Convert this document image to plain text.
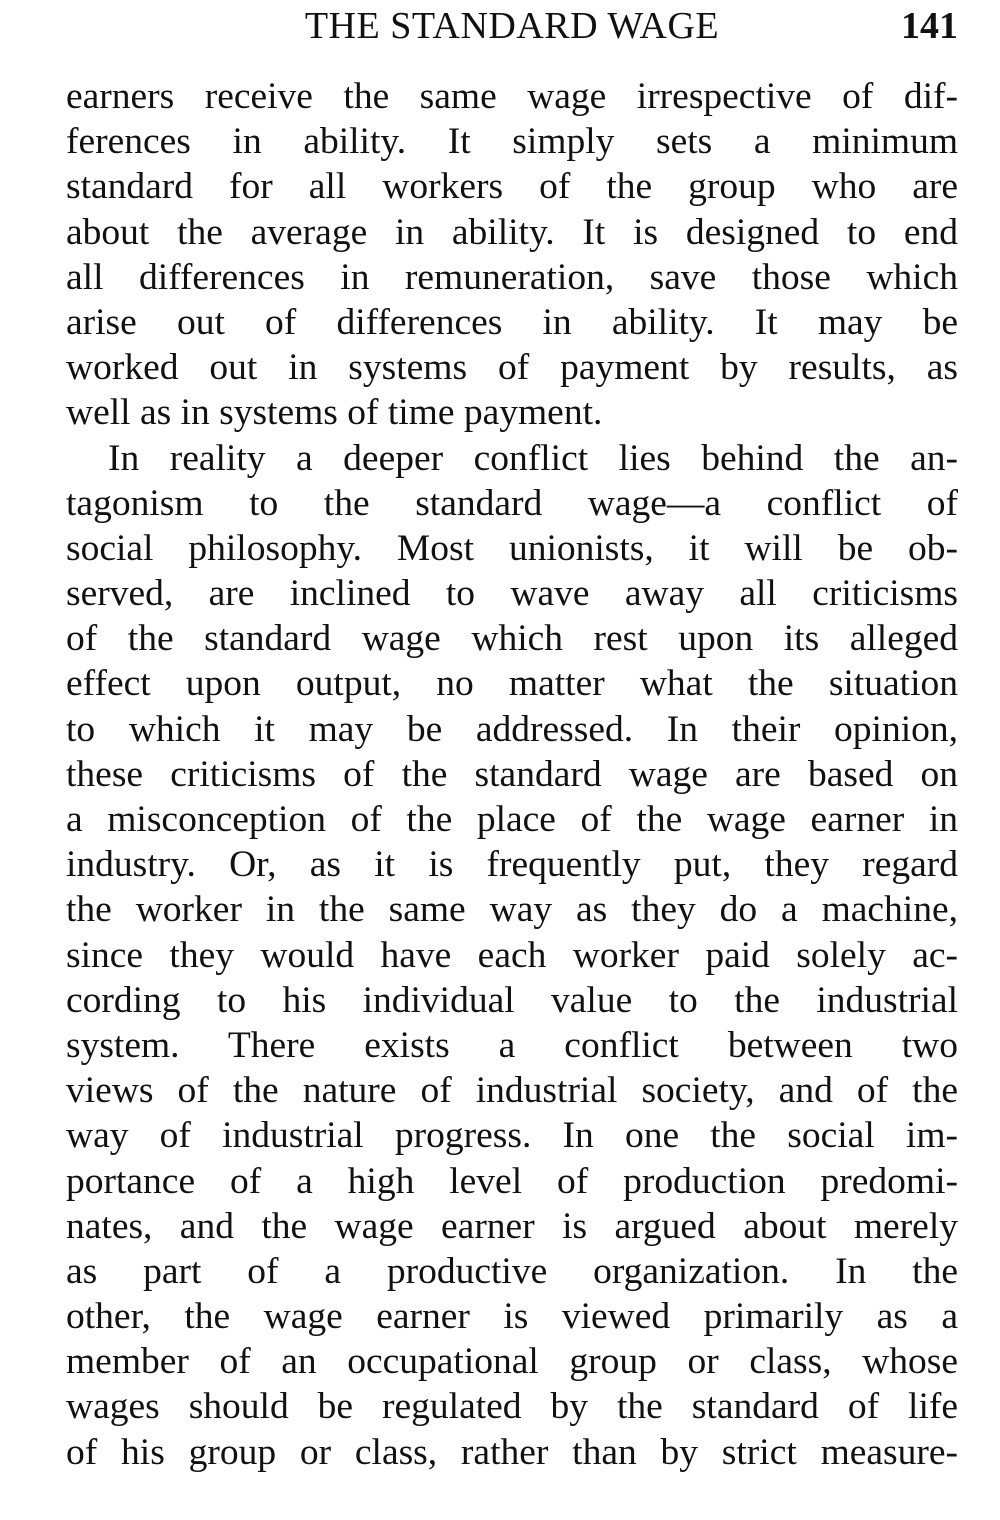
THE STANDARD WAGE	141
earners receive the same wage irrespective of dif-
ferences in ability. It simply sets a minimum
standard for all workers of the group who are
about the average in ability. It is designed to end
all differences in remuneration, save those which
arise out of differences in ability. It may be
worked out in systems of payment by results, as
well as in systems of time payment.
In reality a deeper conflict lies behind the an-
tagonism to the standard wage—a conflict of
social philosophy. Most unionists, it will be ob-
served, are inclined to wave away all criticisms
of the standard wage which rest upon its alleged
effect upon output, no matter what the situation
to which it may be addressed. In their opinion,
these criticisms of the standard wage are based on
a misconception of the place of the wage earner in
industry. Or, as it is frequently put, they regard
the worker in the same way as they do a machine,
since they would have each worker paid solely ac-
cording to his individual value to the industrial
system. There exists a conflict between two
views of the nature of industrial society, and of the
way of industrial progress. In one the social im-
portance of a high level of production predomi-
nates, and the wage earner is argued about merely
as part of a productive organization. In the
other, the wage earner is viewed primarily as a
member of an occupational group or class, whose
wages should be regulated by the standard of life
of his group or class, rather than by strict measure-
